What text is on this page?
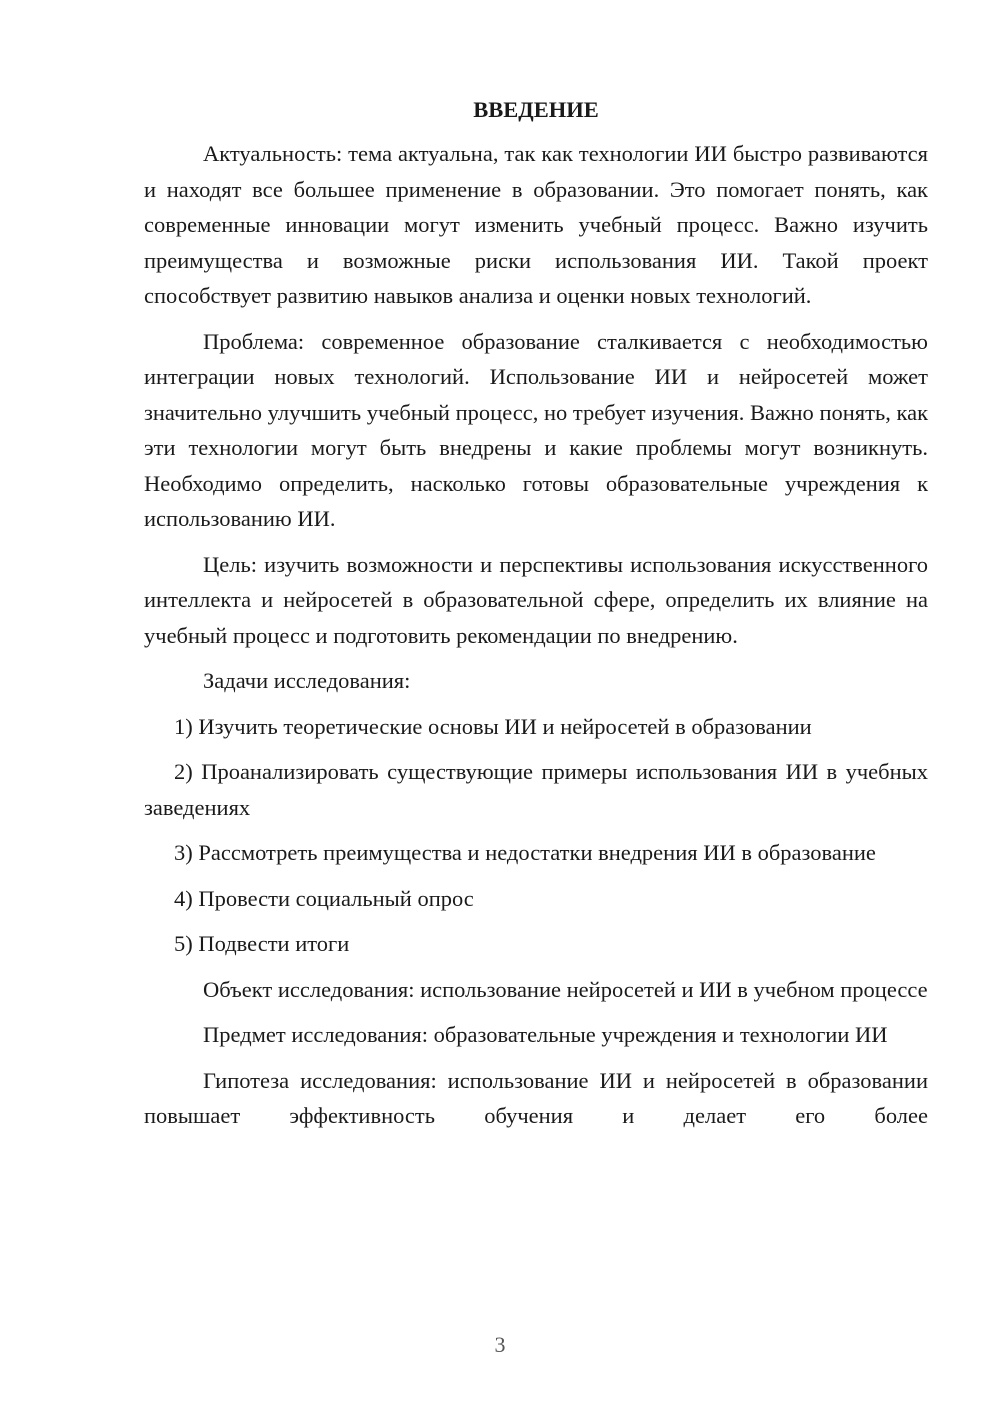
ВВЕДЕНИЕ

Актуальность: тема актуальна, так как технологии ИИ быстро развиваются и находят все большее применение в образовании. Это помогает понять, как современные инновации могут изменить учебный процесс. Важно изучить преимущества и возможные риски использования ИИ. Такой проект способствует развитию навыков анализа и оценки новых технологий.

Проблема: современное образование сталкивается с необходимостью интеграции новых технологий. Использование ИИ и нейросетей может значительно улучшить учебный процесс, но требует изучения. Важно понять, как эти технологии могут быть внедрены и какие проблемы могут возникнуть. Необходимо определить, насколько готовы образовательные учреждения к использованию ИИ.

Цель: изучить возможности и перспективы использования искусственного интеллекта и нейросетей в образовательной сфере, определить их влияние на учебный процесс и подготовить рекомендации по внедрению.

Задачи исследования:

1) Изучить теоретические основы ИИ и нейросетей в образовании

2) Проанализировать существующие примеры использования ИИ в учебных заведениях

3) Рассмотреть преимущества и недостатки внедрения ИИ в образование

4) Провести социальный опрос

5) Подвести итоги

Объект исследования: использование нейросетей и ИИ в учебном процессе

Предмет исследования: образовательные учреждения и технологии ИИ

Гипотеза исследования: использование ИИ и нейросетей в образовании повышает эффективность обучения и делает его более

3
